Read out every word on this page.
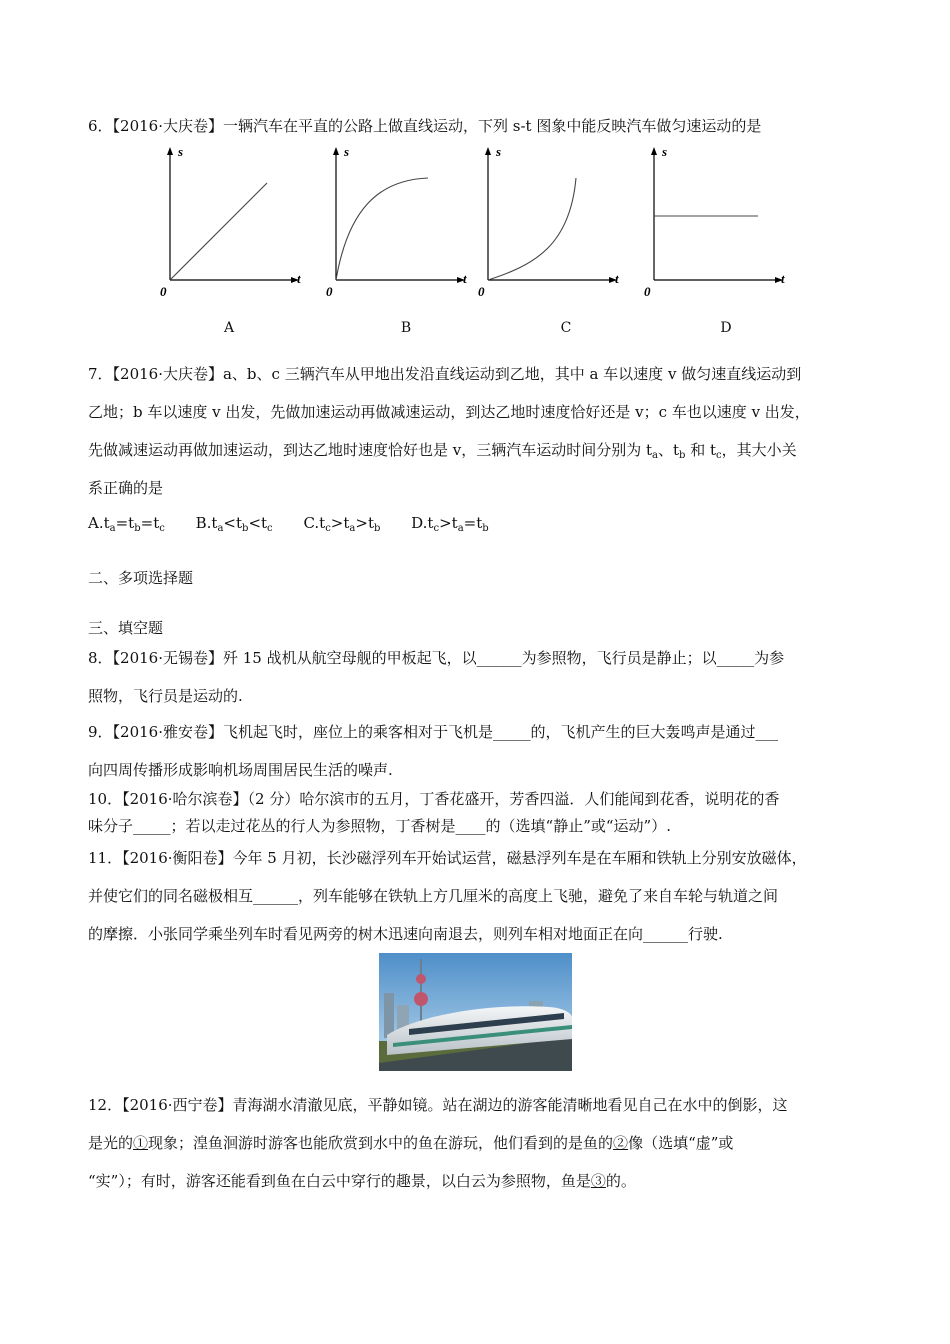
6．【2016·大庆卷】一辆汽车在平直的公路上做直线运动，下列 s-t 图象中能反映汽车做匀速运动的是
s
t
0
s
t
0
s
t
0
s
t
0
A	B	C	D
7．【2016·大庆卷】a、b、c 三辆汽车从甲地出发沿直线运动到乙地，其中 a 车以速度 v 做匀速直线运动到
乙地；b 车以速度 v 出发，先做加速运动再做减速运动，到达乙地时速度恰好还是 v；c 车也以速度 v 出发，
先做减速运动再做加速运动，到达乙地时速度恰好也是 v，三辆汽车运动时间分别为 $t_a$、$t_b$ 和 $t_c$，其大小关
系正确的是
$A.t_a=t_b=t_c$ $B.t_a<t_b<t_c$ $C.t_c>t_a>t_b$ $D.t_c>t_a=t_b$
二、多项选择题
三、填空题
8．【2016·无锡卷】歼 15 战机从航空母舰的甲板起飞，以______为参照物，飞行员是静止；以_____为参
照物，飞行员是运动的.
9．【2016·雅安卷】飞机起飞时，座位上的乘客相对于飞机是_____的，飞机产生的巨大轰鸣声是通过___
向四周传播形成影响机场周围居民生活的噪声.
10．【2016·哈尔滨卷】（2 分）哈尔滨市的五月，丁香花盛开，芳香四溢．人们能闻到花香，说明花的香
味分子_____；若以走过花丛的行人为参照物，丁香树是____的（选填“静止”或“运动”）.
11．【2016·衡阳卷】今年 5 月初，长沙磁浮列车开始试运营，磁悬浮列车是在车厢和铁轨上分别安放磁体，
并使它们的同名磁极相互______，列车能够在铁轨上方几厘米的高度上飞驰，避免了来自车轮与轨道之间
的摩擦．小张同学乘坐列车时看见两旁的树木迅速向南退去，则列车相对地面正在向______行驶.
12．【2016·西宁卷】青海湖水清澈见底，平静如镜。站在湖边的游客能清晰地看见自己在水中的倒影，这
是光的①现象；湟鱼洄游时游客也能欣赏到水中的鱼在游玩，他们看到的是鱼的②像（选填“虚”或
“实”）；有时，游客还能看到鱼在白云中穿行的趣景，以白云为参照物，鱼是③的。
